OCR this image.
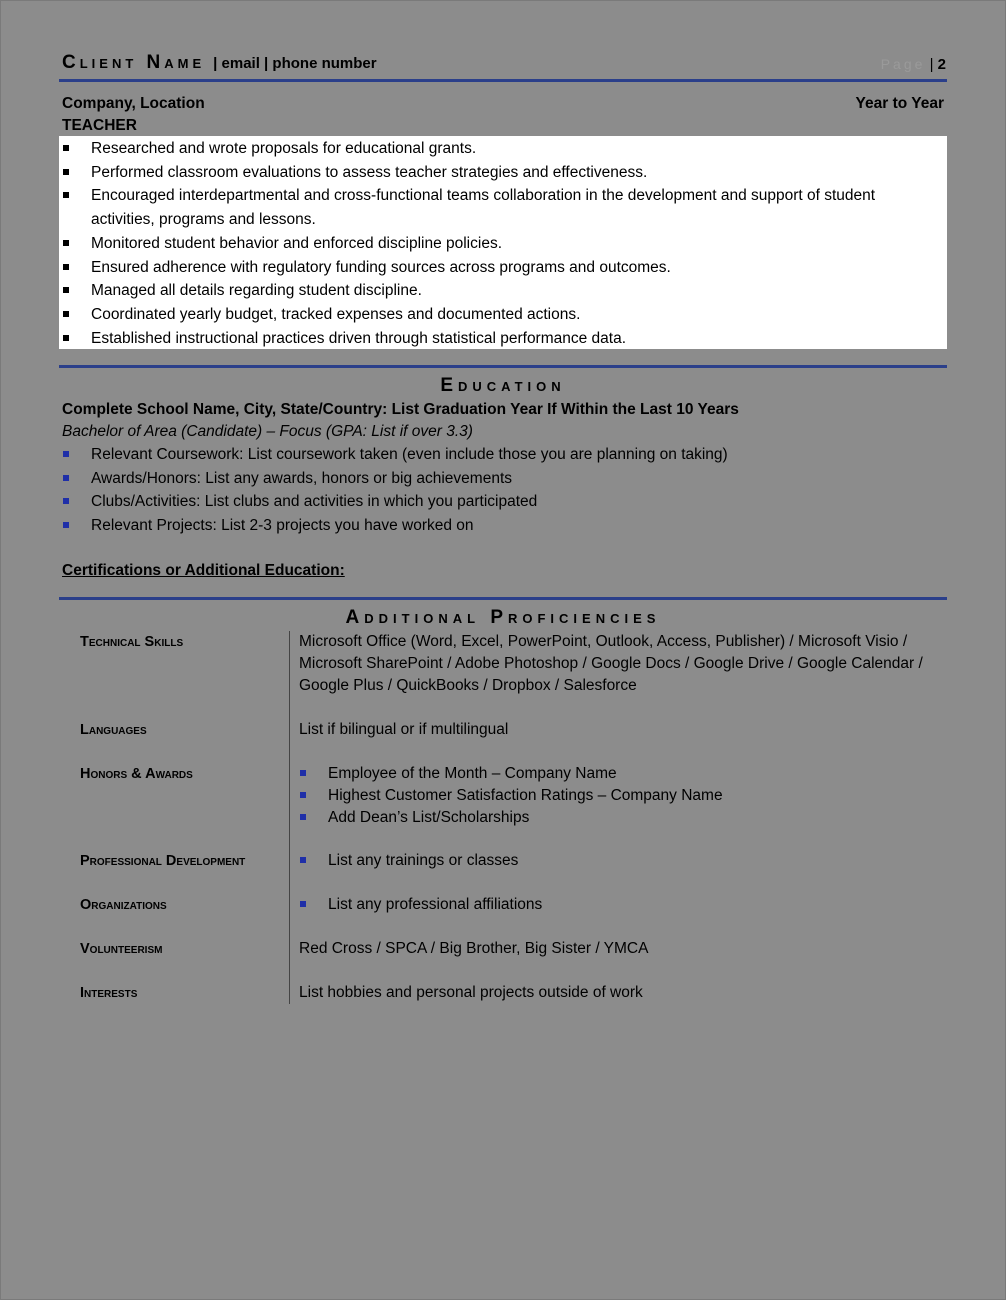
Client Name | email | phone number	Page | 2
Company, Location	Year to Year
TEACHER
Researched and wrote proposals for educational grants.
Performed classroom evaluations to assess teacher strategies and effectiveness.
Encouraged interdepartmental and cross-functional teams collaboration in the development and support of student activities, programs and lessons.
Monitored student behavior and enforced discipline policies.
Ensured adherence with regulatory funding sources across programs and outcomes.
Managed all details regarding student discipline.
Coordinated yearly budget, tracked expenses and documented actions.
Established instructional practices driven through statistical performance data.
Education
Complete School Name, City, State/Country: List Graduation Year If Within the Last 10 Years
Bachelor of Area (Candidate) – Focus (GPA: List if over 3.3)
Relevant Coursework: List coursework taken (even include those you are planning on taking)
Awards/Honors: List any awards, honors or big achievements
Clubs/Activities: List clubs and activities in which you participated
Relevant Projects: List 2-3 projects you have worked on
Certifications or Additional Education:
Additional Proficiencies
Technical Skills	Microsoft Office (Word, Excel, PowerPoint, Outlook, Access, Publisher) / Microsoft Visio / Microsoft SharePoint / Adobe Photoshop / Google Docs / Google Drive / Google Calendar / Google Plus / QuickBooks / Dropbox / Salesforce
Languages	List if bilingual or if multilingual
Honors & Awards	Employee of the Month – Company Name
Highest Customer Satisfaction Ratings – Company Name
Add Dean’s List/Scholarships
Professional Development	List any trainings or classes
Organizations	List any professional affiliations
Volunteerism	Red Cross / SPCA / Big Brother, Big Sister / YMCA
Interests	List hobbies and personal projects outside of work
